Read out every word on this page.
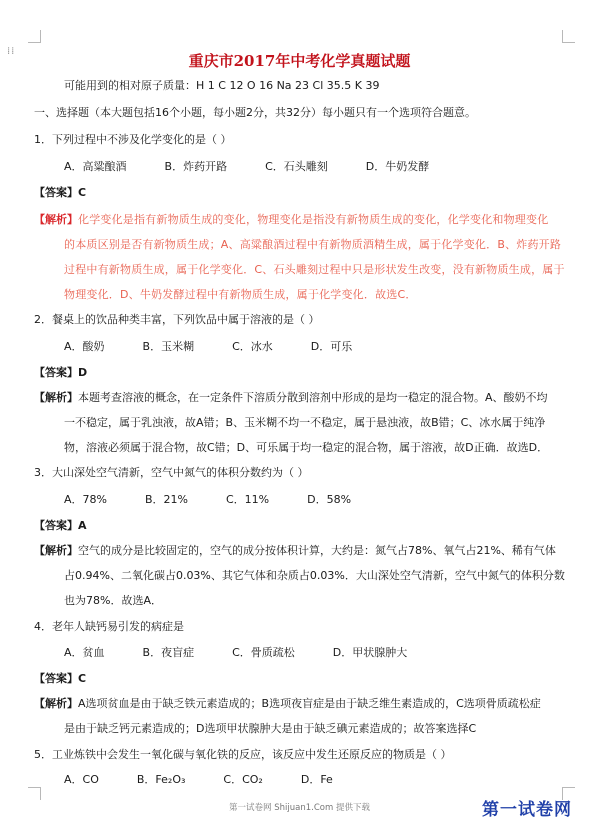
⁞⁞
重庆市2017年中考化学真题试题
可能用到的相对原子质量：H 1 C 12 O 16 Na 23 Cl 35.5 K 39
一、选择题（本大题包括16个小题，每小题2分，共32分）每小题只有一个选项符合题意。
1．下列过程中不涉及化学变化的是（ ）
A．高粱酿酒	B．炸药开路	C．石头雕刻	D．牛奶发酵
【答案】C
【解析】化学变化是指有新物质生成的变化，物理变化是指没有新物质生成的变化，化学变化和物理变化
的本质区别是否有新物质生成；A、高粱酿酒过程中有新物质酒精生成，属于化学变化．B、炸药开路
过程中有新物质生成，属于化学变化．C、石头雕刻过程中只是形状发生改变，没有新物质生成，属于
物理变化．D、牛奶发酵过程中有新物质生成，属于化学变化．故选C．
2．餐桌上的饮品种类丰富，下列饮品中属于溶液的是（ ）
A．酸奶	B．玉米糊	C．冰水	D．可乐
【答案】D
【解析】本题考查溶液的概念，在一定条件下溶质分散到溶剂中形成的是均一稳定的混合物。A、酸奶不均
一不稳定，属于乳浊液，故A错；B、玉米糊不均一不稳定，属于悬浊液，故B错；C、冰水属于纯净
物，溶液必须属于混合物，故C错；D、可乐属于均一稳定的混合物，属于溶液，故D正确．故选D．
3．大山深处空气清新，空气中氮气的体积分数约为（ ）
A．78%	B．21%	C．11%	D．58%
【答案】A
【解析】空气的成分是比较固定的，空气的成分按体积计算，大约是：氮气占78%、氧气占21%、稀有气体
占0.94%、二氧化碳占0.03%、其它气体和杂质占0.03%．大山深处空气清新，空气中氮气的体积分数
也为78%．故选A．
4．老年人缺钙易引发的病症是
A．贫血	B．夜盲症	C．骨质疏松	D．甲状腺肿大
【答案】C
【解析】A选项贫血是由于缺乏铁元素造成的；B选项夜盲症是由于缺乏维生素造成的，C选项骨质疏松症
是由于缺乏钙元素造成的；D选项甲状腺肿大是由于缺乏碘元素造成的；故答案选择C
5．工业炼铁中会发生一氧化碳与氧化铁的反应，该反应中发生还原反应的物质是（ ）
A．CO	B．Fe₂O₃	C．CO₂	D．Fe
第一试卷网 Shijuan1.Com 提供下载	第一试卷网
